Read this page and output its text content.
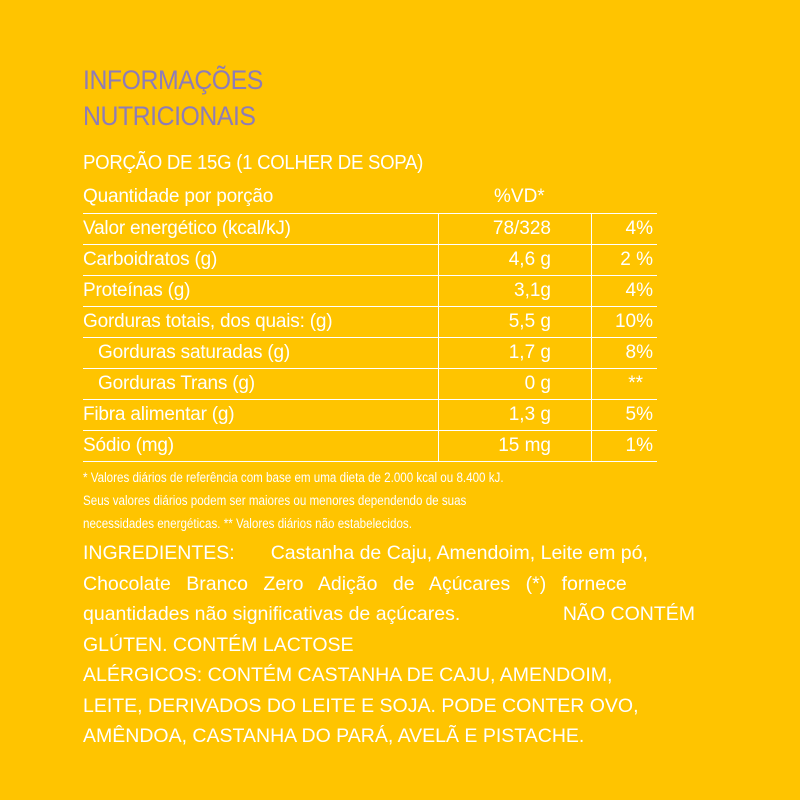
INFORMAÇÕES
NUTRICIONAIS
PORÇÃO DE 15G (1 COLHER DE SOPA)
Quantidade por porção	%VD*
Valor energético (kcal/kJ)	78/328	4%
Carboidratos (g)	4,6 g	2 %
Proteínas (g)	3,1g	4%
Gorduras totais, dos quais: (g)	5,5 g	10%
Gorduras saturadas (g)	1,7 g	8%
Gorduras Trans (g)	0 g	**
Fibra alimentar (g)	1,3 g	5%
Sódio (mg)	15 mg	1%
* Valores diários de referência com base em uma dieta de 2.000 kcal ou 8.400 kJ.
Seus valores diários podem ser maiores ou menores dependendo de suas
necessidades energéticas. ** Valores diários não estabelecidos.
INGREDIENTES: Castanha de Caju, Amendoim, Leite em pó,
Chocolate Branco Zero Adição de Açúcares (*) fornece
quantidades não significativas de açúcares.	NÃO CONTÉM
GLÚTEN. CONTÉM LACTOSE
ALÉRGICOS: CONTÉM CASTANHA DE CAJU, AMENDOIM,
LEITE, DERIVADOS DO LEITE E SOJA. PODE CONTER OVO,
AMÊNDOA, CASTANHA DO PARÁ, AVELÃ E PISTACHE.
